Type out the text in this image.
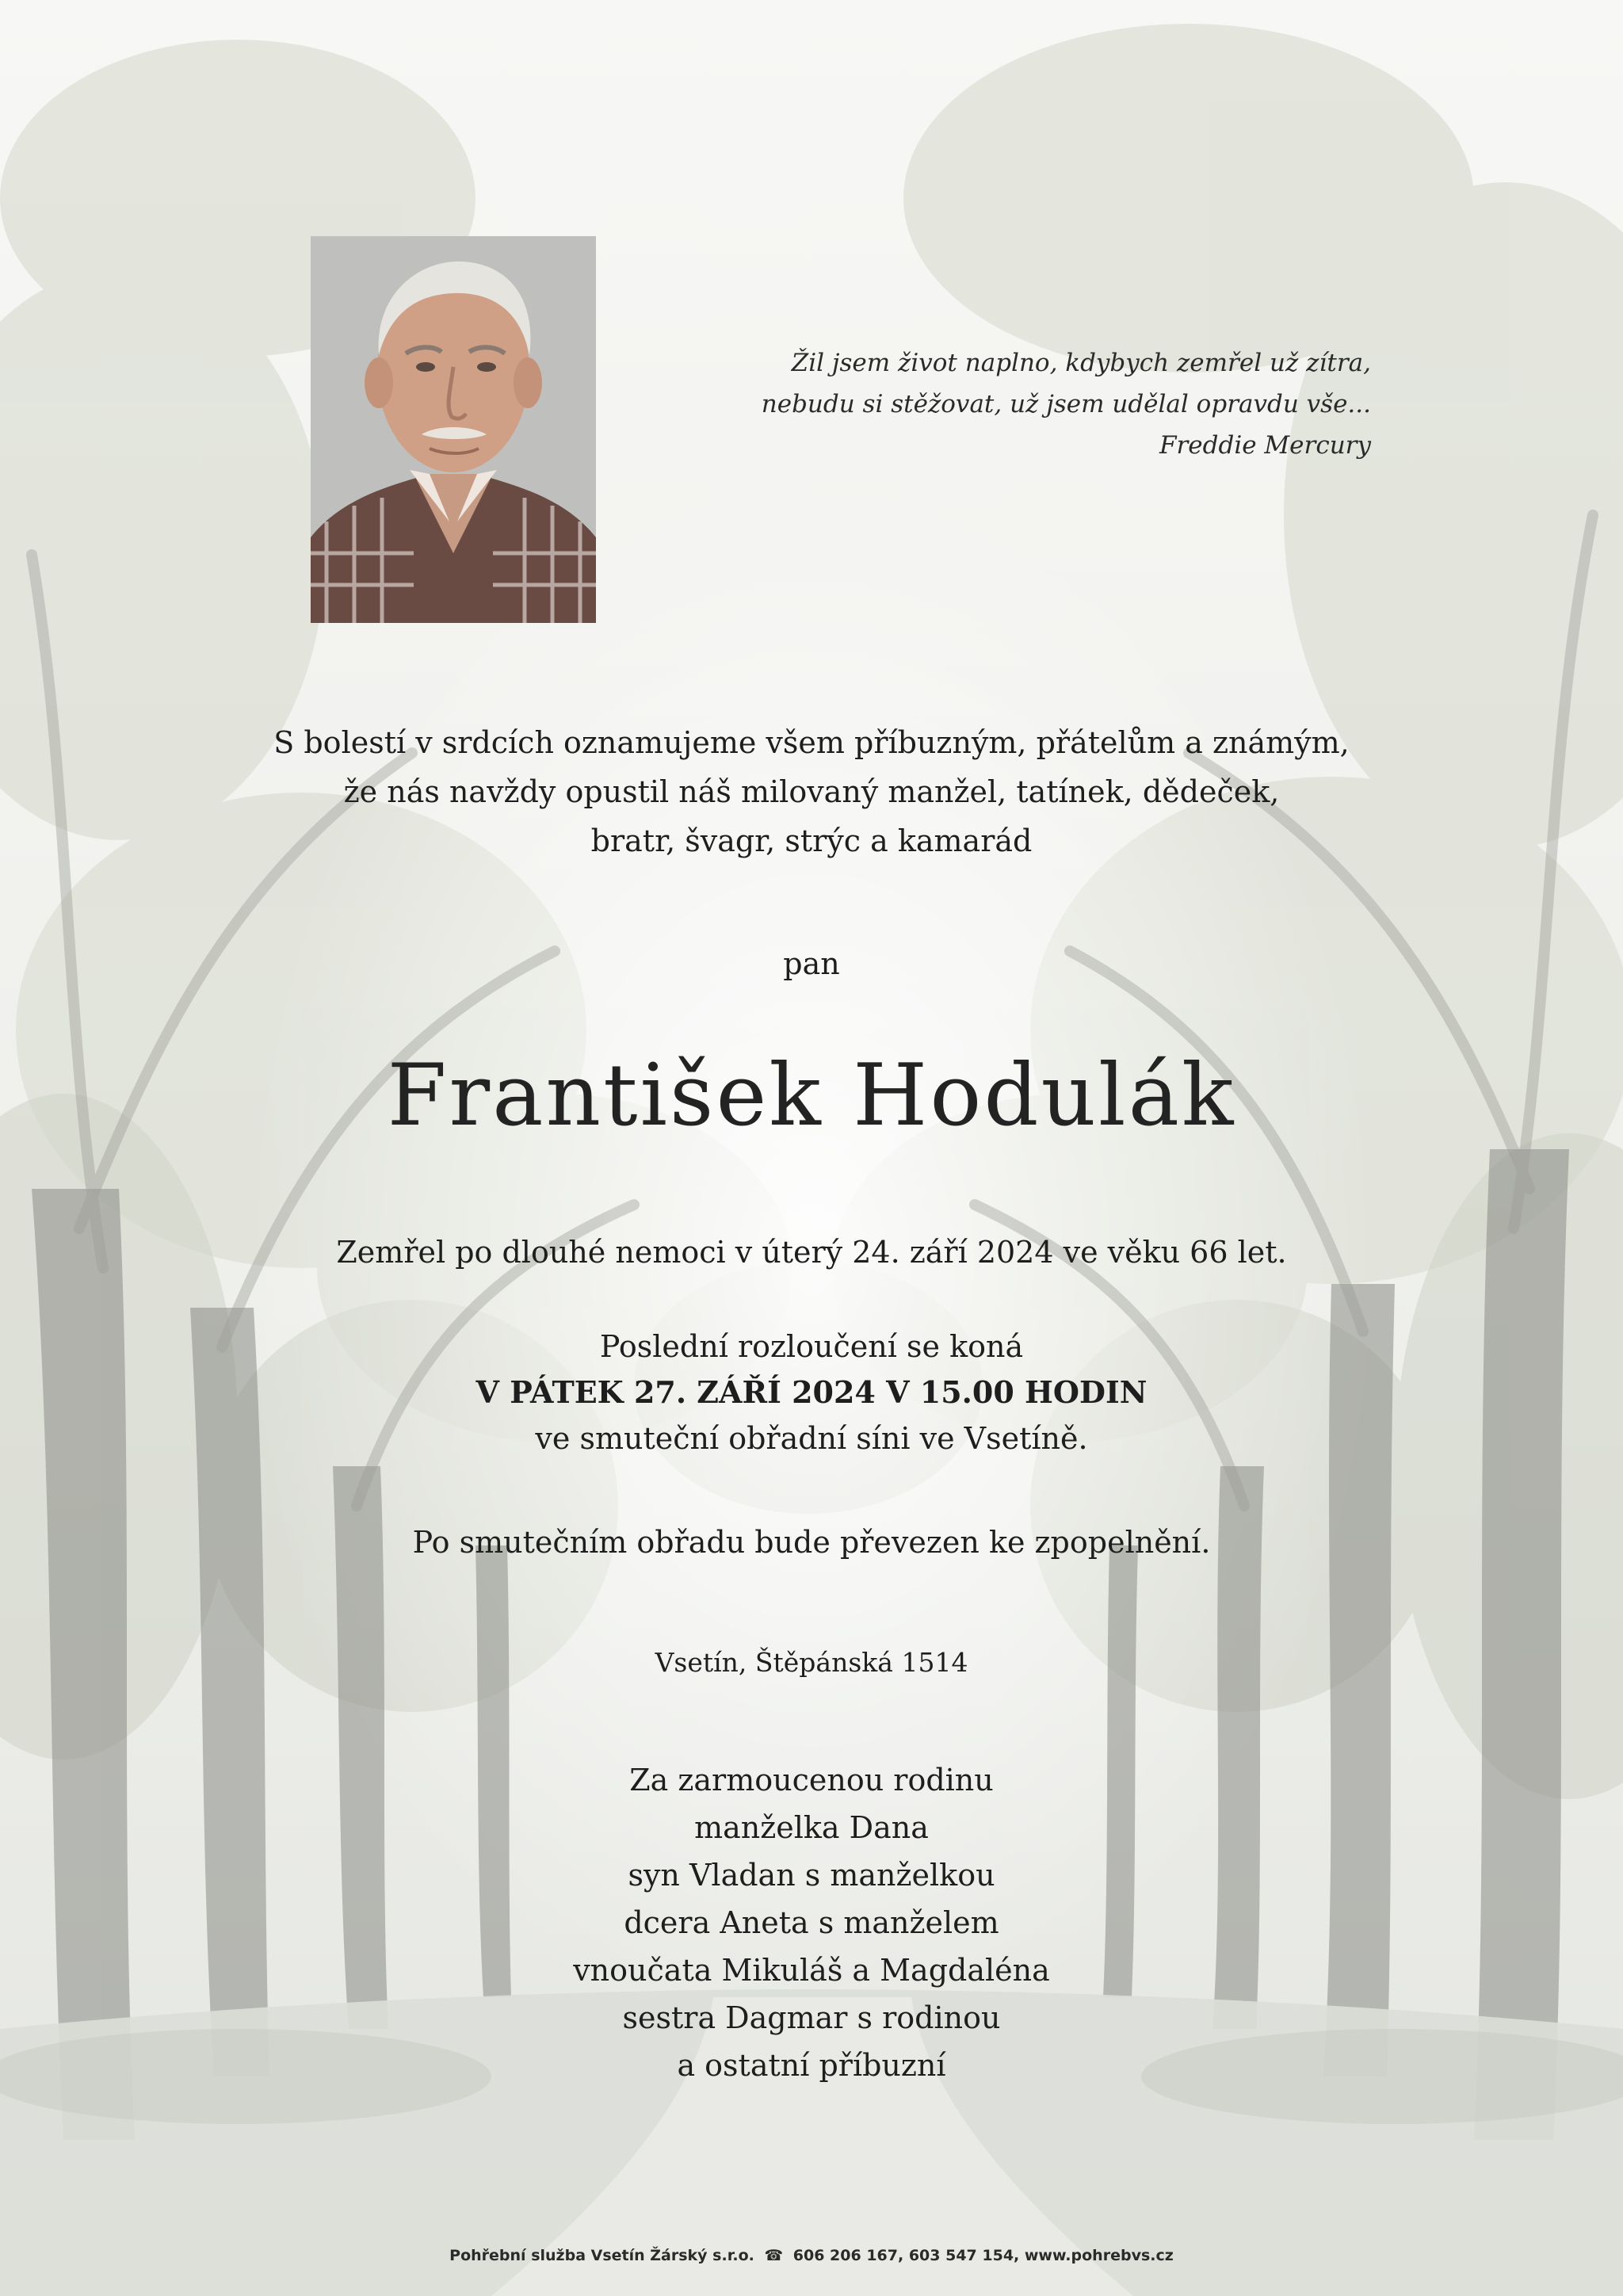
Žil jsem život naplno, kdybych zemřel už zítra,
nebudu si stěžovat, už jsem udělal opravdu vše...
Freddie Mercury
S bolestí v srdcích oznamujeme všem příbuzným, přátelům a známým,
že nás navždy opustil náš milovaný manžel, tatínek, dědeček,
bratr, švagr, strýc a kamarád
pan
František Hodulák
Zemřel po dlouhé nemoci v úterý 24. září 2024 ve věku 66 let.
Poslední rozloučení se koná
V PÁTEK 27. ZÁŘÍ 2024 V 15.00 HODIN
ve smuteční obřadní síni ve Vsetíně.
Po smutečním obřadu bude převezen ke zpopelnění.
Vsetín, Štěpánská 1514
Za zarmoucenou rodinu
manželka Dana
syn Vladan s manželkou
dcera Aneta s manželem
vnoučata Mikuláš a Magdaléna
sestra Dagmar s rodinou
a ostatní příbuzní
Pohřební služba Vsetín Žárský s.r.o. ☎ 606 206 167, 603 547 154, www.pohrebvs.cz
